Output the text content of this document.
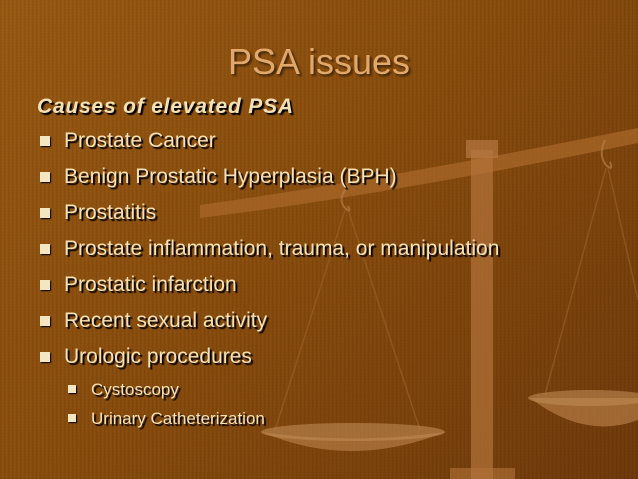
PSA issues
Causes of elevated PSA
Prostate Cancer
Benign Prostatic Hyperplasia (BPH)
Prostatitis
Prostate inflammation, trauma, or manipulation
Prostatic infarction
Recent sexual activity
Urologic procedures
Cystoscopy
Urinary Catheterization
